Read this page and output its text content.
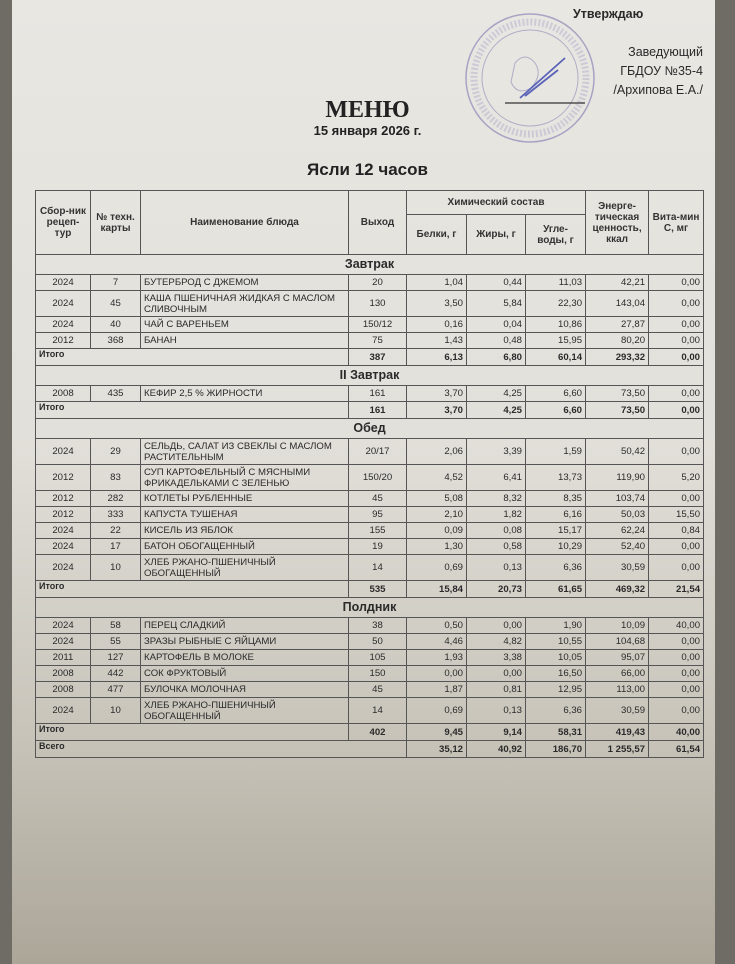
Утверждаю
Заведующий
ГБДОУ №35-4
/Архипова Е.А./
МЕНЮ
15 января 2026 г.
Ясли 12 часов
Сбор-ник рецеп-тур	№ техн. карты	Наименование блюда	Выход	Химический состав			Энерге-тическая ценность, ккал	Вита-мин С, мг
				Белки, г	Жиры, г	Угле-воды, г		
Завтрак								
2024	7	БУТЕРБРОД С ДЖЕМОМ	20	1,04	0,44	11,03	42,21	0,00
2024	45	КАША ПШЕНИЧНАЯ ЖИДКАЯ С МАСЛОМ СЛИВОЧНЫМ	130	3,50	5,84	22,30	143,04	0,00
2024	40	ЧАЙ С ВАРЕНЬЕМ	150/12	0,16	0,04	10,86	27,87	0,00
2012	368	БАНАН	75	1,43	0,48	15,95	80,20	0,00
Итого			387	6,13	6,80	60,14	293,32	0,00
II Завтрак								
2008	435	КЕФИР 2,5 % ЖИРНОСТИ	161	3,70	4,25	6,60	73,50	0,00
Итого			161	3,70	4,25	6,60	73,50	0,00
Обед								
2024	29	СЕЛЬДЬ, САЛАТ ИЗ СВЕКЛЫ С МАСЛОМ РАСТИТЕЛЬНЫМ	20/17	2,06	3,39	1,59	50,42	0,00
2012	83	СУП КАРТОФЕЛЬНЫЙ С МЯСНЫМИ ФРИКАДЕЛЬКАМИ С ЗЕЛЕНЬЮ	150/20	4,52	6,41	13,73	119,90	5,20
2012	282	КОТЛЕТЫ РУБЛЕННЫЕ	45	5,08	8,32	8,35	103,74	0,00
2012	333	КАПУСТА ТУШЕНАЯ	95	2,10	1,82	6,16	50,03	15,50
2024	22	КИСЕЛЬ ИЗ ЯБЛОК	155	0,09	0,08	15,17	62,24	0,84
2024	17	БАТОН ОБОГАЩЕННЫЙ	19	1,30	0,58	10,29	52,40	0,00
2024	10	ХЛЕБ РЖАНО-ПШЕНИЧНЫЙ ОБОГАЩЕННЫЙ	14	0,69	0,13	6,36	30,59	0,00
Итого			535	15,84	20,73	61,65	469,32	21,54
Полдник								
2024	58	ПЕРЕЦ СЛАДКИЙ	38	0,50	0,00	1,90	10,09	40,00
2024	55	ЗРАЗЫ РЫБНЫЕ С ЯЙЦАМИ	50	4,46	4,82	10,55	104,68	0,00
2011	127	КАРТОФЕЛЬ В МОЛОКЕ	105	1,93	3,38	10,05	95,07	0,00
2008	442	СОК ФРУКТОВЫЙ	150	0,00	0,00	16,50	66,00	0,00
2008	477	БУЛОЧКА МОЛОЧНАЯ	45	1,87	0,81	12,95	113,00	0,00
2024	10	ХЛЕБ РЖАНО-ПШЕНИЧНЫЙ ОБОГАЩЕННЫЙ	14	0,69	0,13	6,36	30,59	0,00
Итого			402	9,45	9,14	58,31	419,43	40,00
Всего				35,12	40,92	186,70	1 255,57	61,54
